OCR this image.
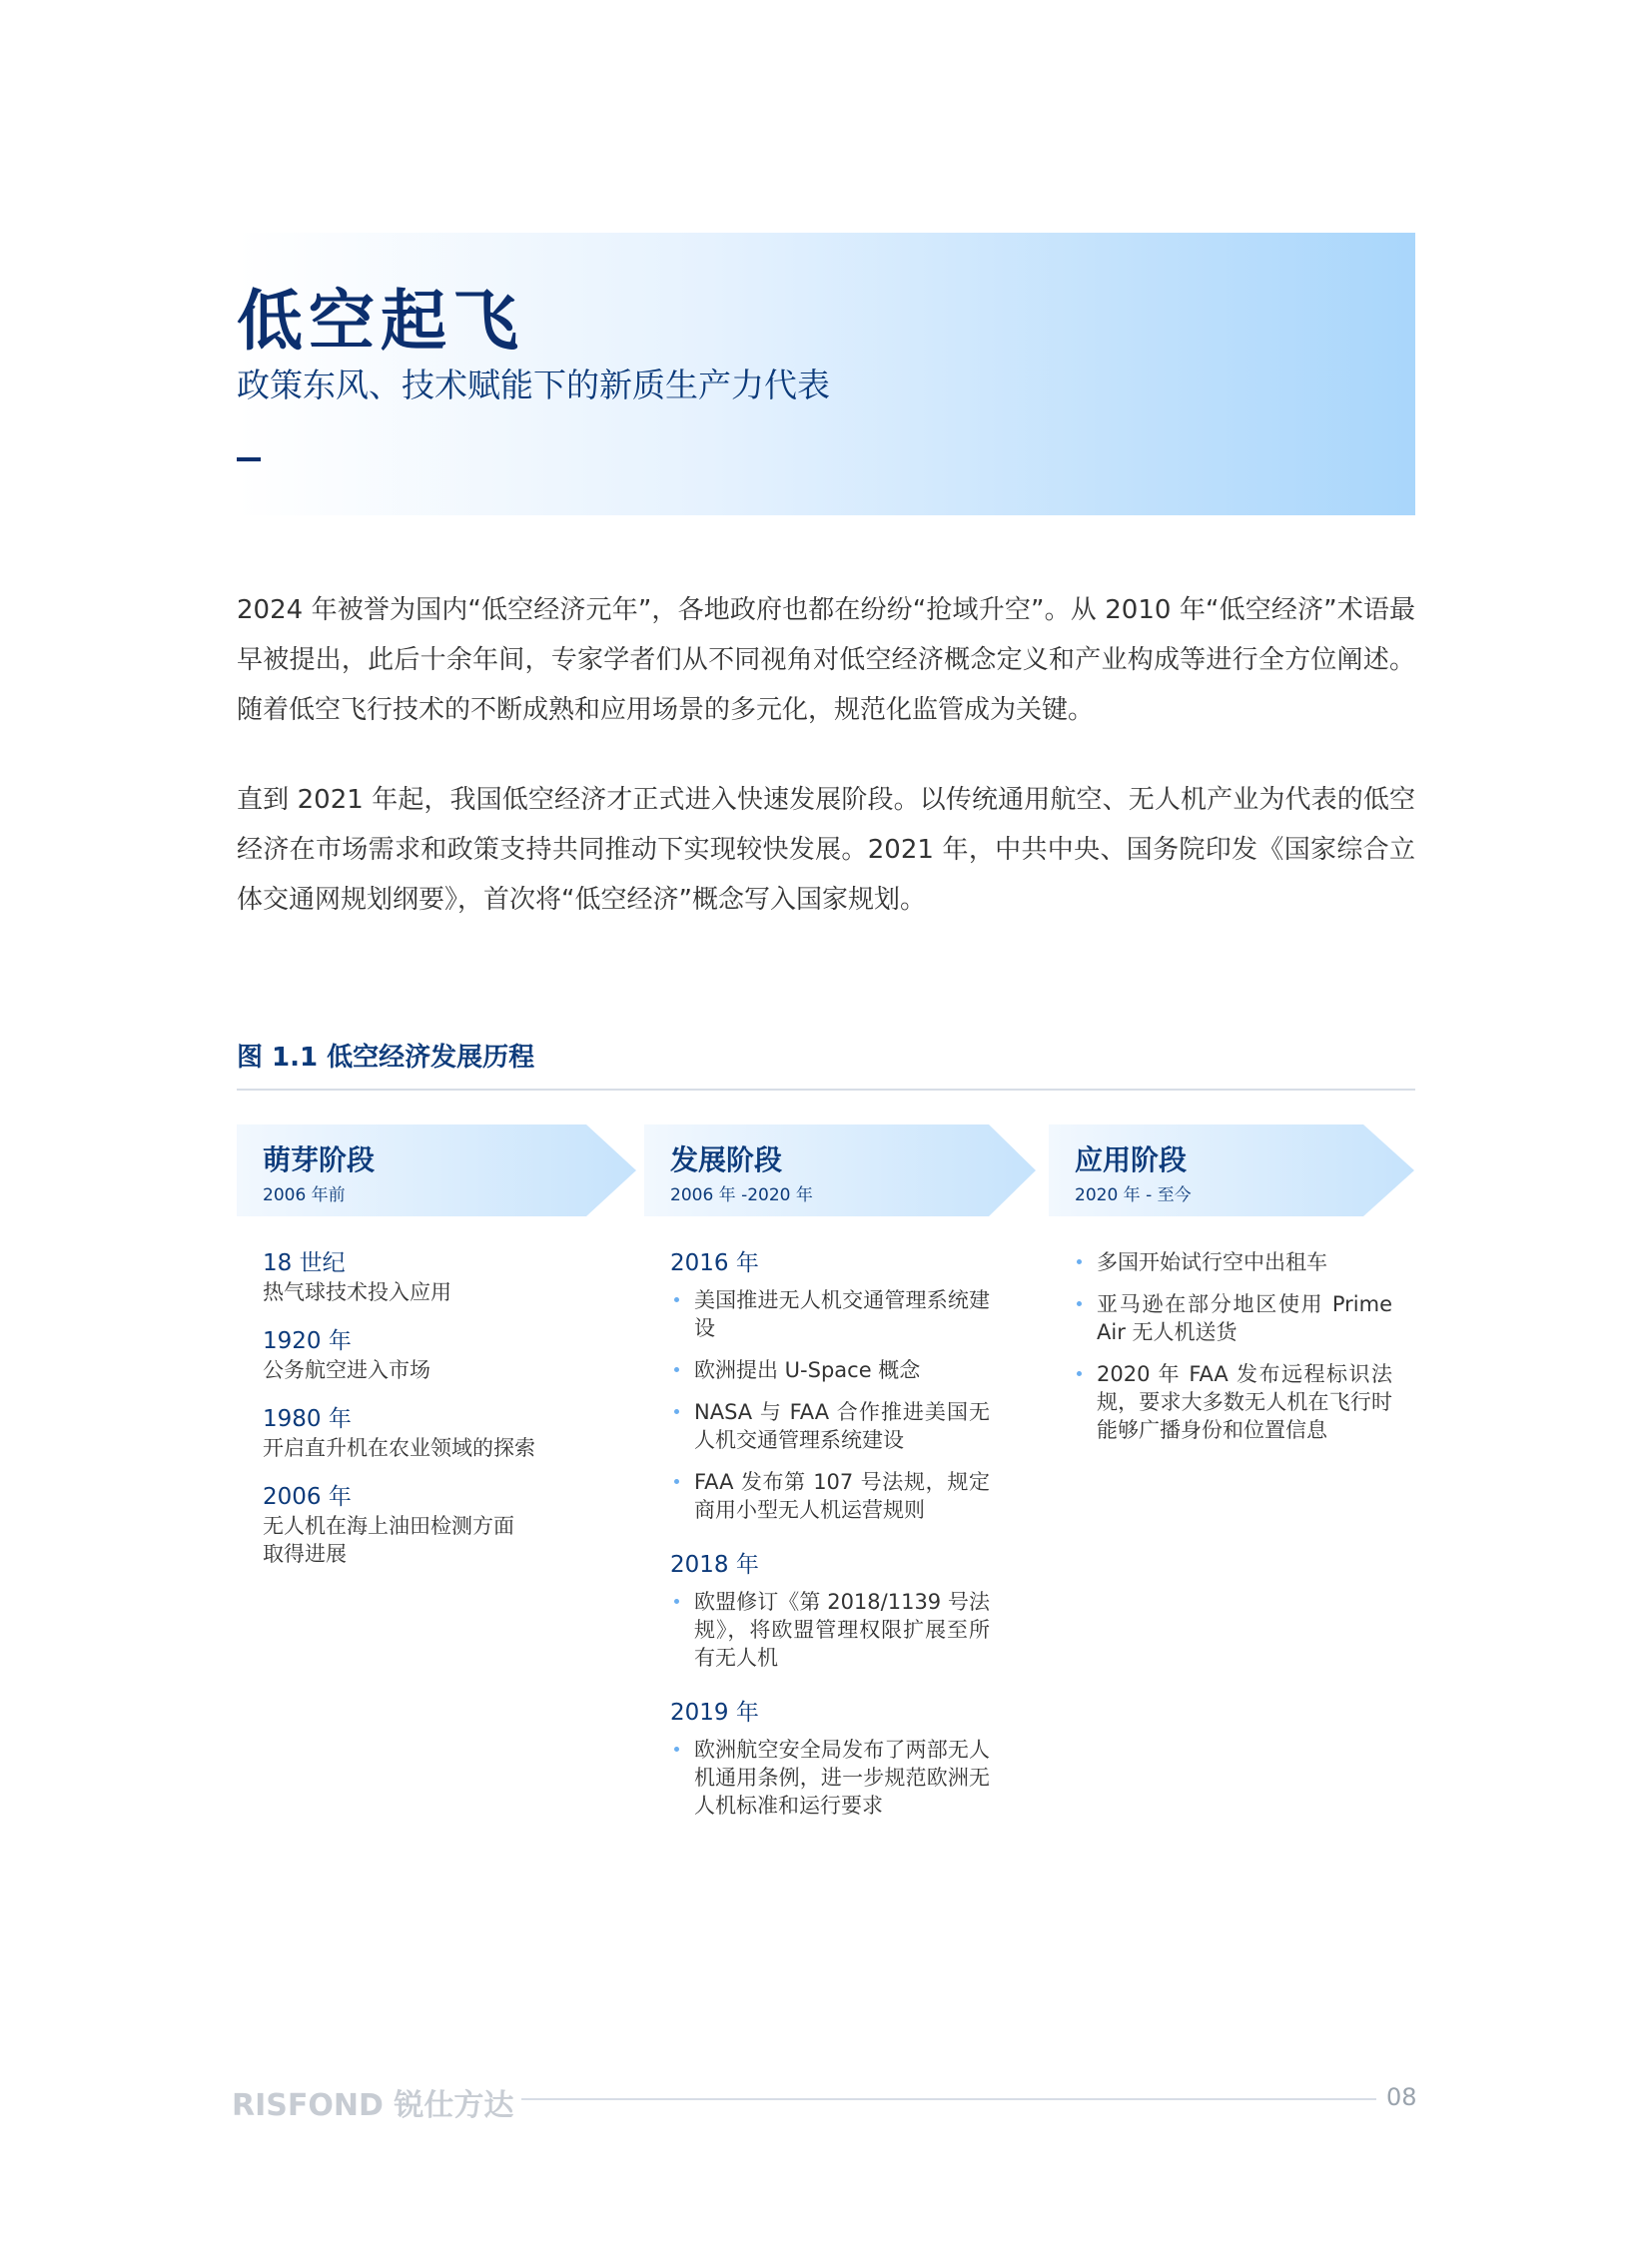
低空起飞

政策东风、技术赋能下的新质生产力代表

2024 年被誉为国内“低空经济元年”，各地政府也都在纷纷“抢域升空”。从 2010 年“低空经济”术语最早被提出，此后十余年间，专家学者们从不同视角对低空经济概念定义和产业构成等进行全方位阐述。随着低空飞行技术的不断成熟和应用场景的多元化，规范化监管成为关键。

直到 2021 年起，我国低空经济才正式进入快速发展阶段。以传统通用航空、无人机产业为代表的低空经济在市场需求和政策支持共同推动下实现较快发展。2021 年，中共中央、国务院印发《国家综合立体交通网规划纲要》，首次将“低空经济”概念写入国家规划。

图 1.1 低空经济发展历程

萌芽阶段

2006 年前

发展阶段

2006 年 -2020 年

应用阶段

2020 年 - 至今

18 世纪

热气球技术投入应用

1920 年

公务航空进入市场

1980 年

开启直升机在农业领域的探索

2006 年

无人机在海上油田检测方面取得进展

2016 年

美国推进无人机交通管理系统建设
欧洲提出 U-Space 概念
NASA 与 FAA 合作推进美国无人机交通管理系统建设
FAA 发布第 107 号法规，规定商用小型无人机运营规则

2018 年

欧盟修订《第 2018/1139 号法规》，将欧盟管理权限扩展至所有无人机

2019 年

欧洲航空安全局发布了两部无人机通用条例，进一步规范欧洲无人机标准和运行要求
多国开始试行空中出租车
亚马逊在部分地区使用 Prime Air 无人机送货
2020 年 FAA 发布远程标识法规，要求大多数无人机在飞行时能够广播身份和位置信息

RISFOND 锐仕方达	08
